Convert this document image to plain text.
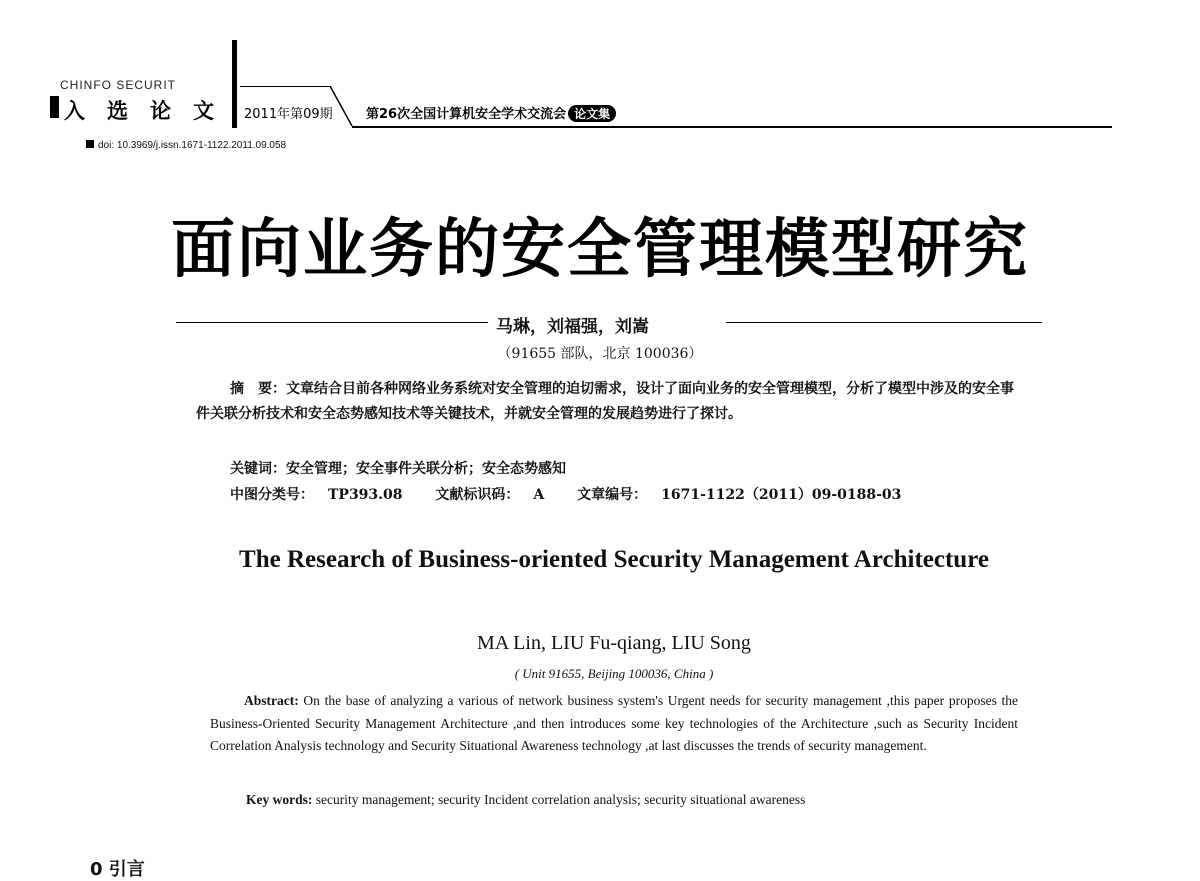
CHINFO SECURIT
入选论文 2011年第09期	第26次全国计算机安全学术交流会 论文集
doi: 10.3969/j.issn.1671-1122.2011.09.058
面向业务的安全管理模型研究
马琳，刘福强，刘嵩
（91655 部队，北京 100036）
摘　要：文章结合目前各种网络业务系统对安全管理的迫切需求，设计了面向业务的安全管理模型，分析了模型中涉及的安全事件关联分析技术和安全态势感知技术等关键技术，并就安全管理的发展趋势进行了探讨。
关键词：安全管理；安全事件关联分析；安全态势感知
中图分类号： TP393.08 文献标识码： A 文章编号： 1671-1122（2011）09-0188-03
The Research of Business-oriented Security Management Architecture
MA Lin, LIU Fu-qiang, LIU Song
( Unit 91655, Beijing 100036, China )
Abstract: On the base of analyzing a various of network business system's Urgent needs for security management ,this paper proposes the Business-Oriented Security Management Architecture ,and then introduces some key technologies of the Architecture ,such as Security Incident Correlation Analysis technology and Security Situational Awareness technology ,at last discusses the trends of security management.
Key words: security management; security Incident correlation analysis; security situational awareness
0 引言
